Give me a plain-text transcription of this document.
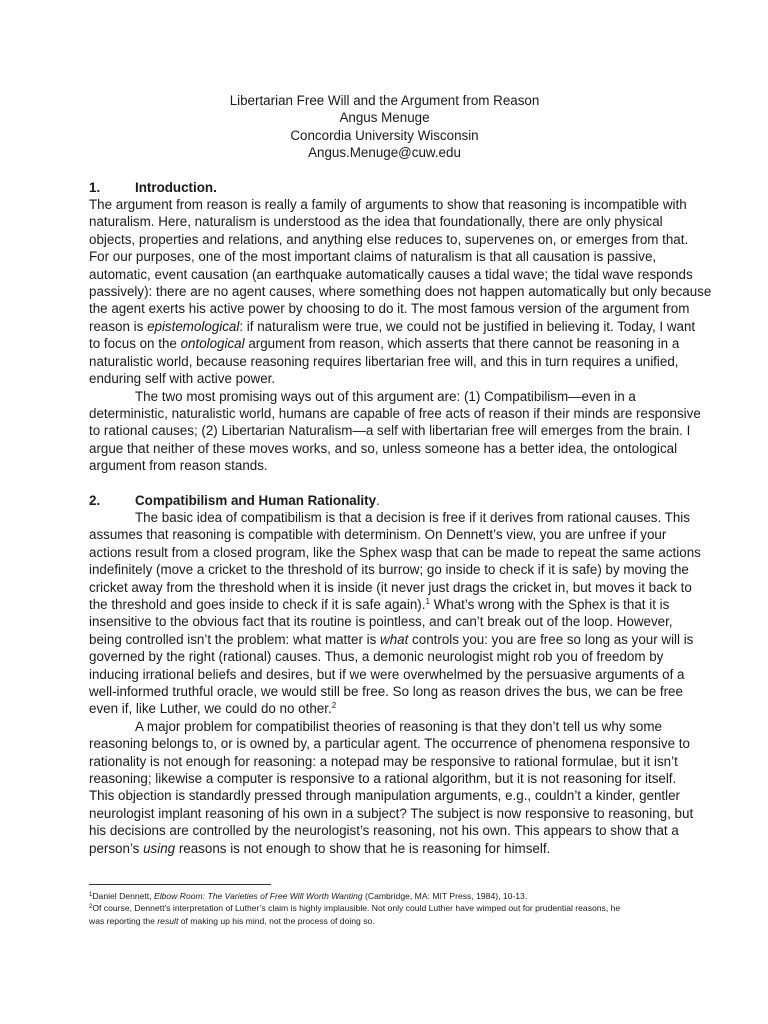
Libertarian Free Will and the Argument from Reason
Angus Menuge
Concordia University Wisconsin
Angus.Menuge@cuw.edu
1.	Introduction.
The argument from reason is really a family of arguments to show that reasoning is incompatible with
naturalism. Here, naturalism is understood as the idea that foundationally, there are only physical
objects, properties and relations, and anything else reduces to, supervenes on, or emerges from that.
For our purposes, one of the most important claims of naturalism is that all causation is passive,
automatic, event causation (an earthquake automatically causes a tidal wave; the tidal wave responds
passively): there are no agent causes, where something does not happen automatically but only because
the agent exerts his active power by choosing to do it. The most famous version of the argument from
reason is epistemological: if naturalism were true, we could not be justified in believing it. Today, I want
to focus on the ontological argument from reason, which asserts that there cannot be reasoning in a
naturalistic world, because reasoning requires libertarian free will, and this in turn requires a unified,
enduring self with active power.
The two most promising ways out of this argument are: (1) Compatibilism—even in a
deterministic, naturalistic world, humans are capable of free acts of reason if their minds are responsive
to rational causes; (2) Libertarian Naturalism—a self with libertarian free will emerges from the brain. I
argue that neither of these moves works, and so, unless someone has a better idea, the ontological
argument from reason stands.
2.	Compatibilism and Human Rationality.
The basic idea of compatibilism is that a decision is free if it derives from rational causes. This
assumes that reasoning is compatible with determinism. On Dennett’s view, you are unfree if your
actions result from a closed program, like the Sphex wasp that can be made to repeat the same actions
indefinitely (move a cricket to the threshold of its burrow; go inside to check if it is safe) by moving the
cricket away from the threshold when it is inside (it never just drags the cricket in, but moves it back to
the threshold and goes inside to check if it is safe again).$^1$ What’s wrong with the Sphex is that it is
insensitive to the obvious fact that its routine is pointless, and can’t break out of the loop. However,
being controlled isn’t the problem: what matter is what controls you: you are free so long as your will is
governed by the right (rational) causes. Thus, a demonic neurologist might rob you of freedom by
inducing irrational beliefs and desires, but if we were overwhelmed by the persuasive arguments of a
well-informed truthful oracle, we would still be free. So long as reason drives the bus, we can be free
even if, like Luther, we could do no other.$^2$
A major problem for compatibilist theories of reasoning is that they don’t tell us why some
reasoning belongs to, or is owned by, a particular agent. The occurrence of phenomena responsive to
rationality is not enough for reasoning: a notepad may be responsive to rational formulae, but it isn’t
reasoning; likewise a computer is responsive to a rational algorithm, but it is not reasoning for itself.
This objection is standardly pressed through manipulation arguments, e.g., couldn’t a kinder, gentler
neurologist implant reasoning of his own in a subject? The subject is now responsive to reasoning, but
his decisions are controlled by the neurologist’s reasoning, not his own. This appears to show that a
person’s using reasons is not enough to show that he is reasoning for himself.
$^1$Daniel Dennett, Elbow Room: The Varieties of Free Will Worth Wanting (Cambridge, MA: MIT Press, 1984), 10-13.
$^2$Of course, Dennett’s interpretation of Luther’s claim is highly implausible. Not only could Luther have wimped out for prudential reasons, he
was reporting the result of making up his mind, not the process of doing so.
